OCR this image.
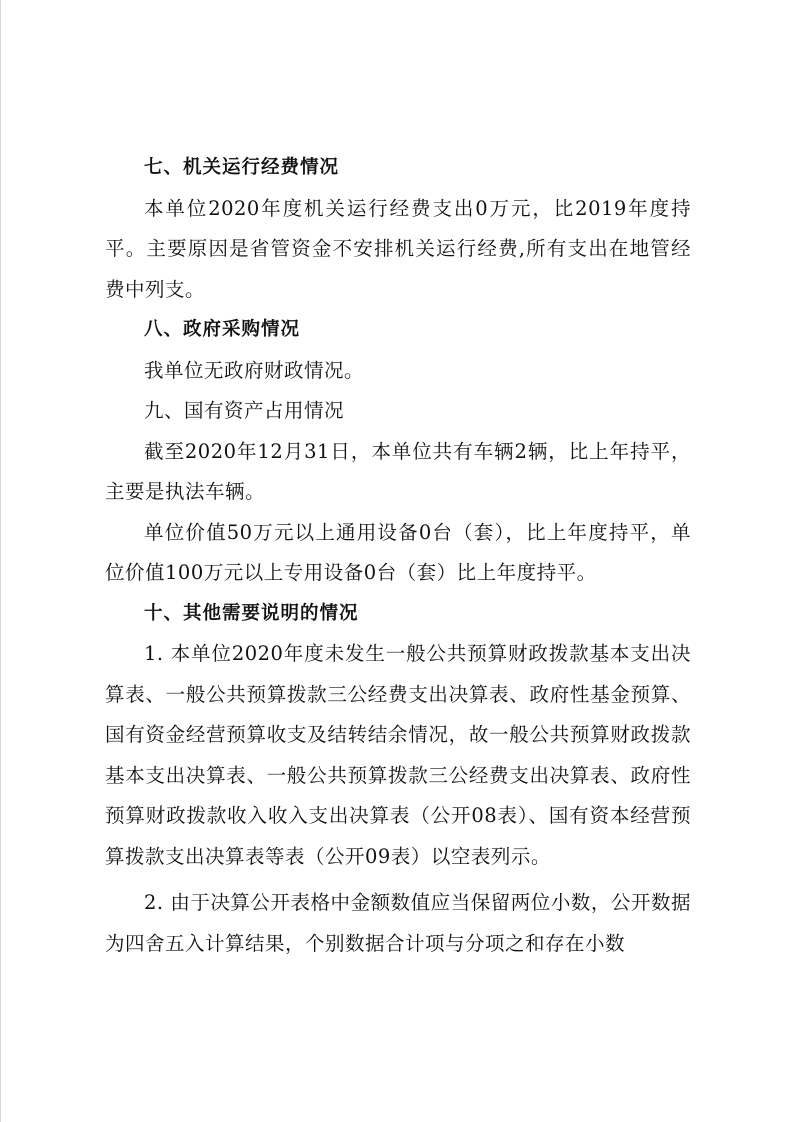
七、机关运行经费情况

本单位2020年度机关运行经费支出0万元，比2019年度持平。主要原因是省管资金不安排机关运行经费,所有支出在地管经费中列支。

八、政府采购情况

我单位无政府财政情况。

九、国有资产占用情况

截至2020年12月31日，本单位共有车辆2辆，比上年持平，主要是执法车辆。

单位价值50万元以上通用设备0台（套），比上年度持平，单位价值100万元以上专用设备0台（套）比上年度持平。

十、其他需要说明的情况

1. 本单位2020年度未发生一般公共预算财政拨款基本支出决算表、一般公共预算拨款三公经费支出决算表、政府性基金预算、国有资金经营预算收支及结转结余情况，故一般公共预算财政拨款基本支出决算表、一般公共预算拨款三公经费支出决算表、政府性预算财政拨款收入收入支出决算表（公开08表）、国有资本经营预算拨款支出决算表等表（公开09表）以空表列示。

2. 由于决算公开表格中金额数值应当保留两位小数，公开数据为四舍五入计算结果，个别数据合计项与分项之和存在小数
